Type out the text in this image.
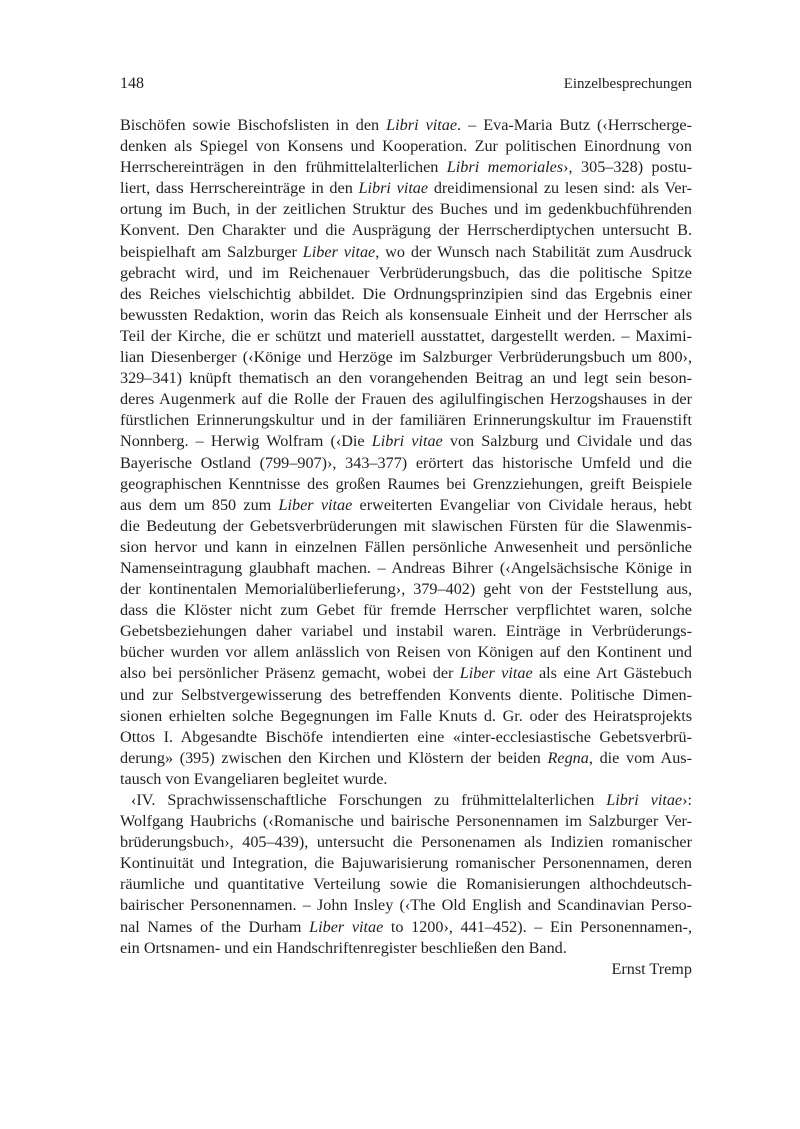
148	Einzelbesprechungen
Bischöfen sowie Bischofslisten in den Libri vitae. – Eva-Maria Butz (‹Herrscherge-
denken als Spiegel von Konsens und Kooperation. Zur politischen Einordnung von
Herrschereinträgen in den frühmittelalterlichen Libri memoriales›, 305–328) postu-
liert, dass Herrschereinträge in den Libri vitae dreidimensional zu lesen sind: als Ver-
ortung im Buch, in der zeitlichen Struktur des Buches und im gedenkbuchführenden
Konvent. Den Charakter und die Ausprägung der Herrscherdiptychen untersucht B.
beispielhaft am Salzburger Liber vitae, wo der Wunsch nach Stabilität zum Ausdruck
gebracht wird, und im Reichenauer Verbrüderungsbuch, das die politische Spitze
des Reiches vielschichtig abbildet. Die Ordnungsprinzipien sind das Ergebnis einer
bewussten Redaktion, worin das Reich als konsensuale Einheit und der Herrscher als
Teil der Kirche, die er schützt und materiell ausstattet, dargestellt werden. – Maximi-
lian Diesenberger (‹Könige und Herzöge im Salzburger Verbrüderungsbuch um 800›,
329–341) knüpft thematisch an den vorangehenden Beitrag an und legt sein beson-
deres Augenmerk auf die Rolle der Frauen des agilulfingischen Herzogshauses in der
fürstlichen Erinnerungskultur und in der familiären Erinnerungskultur im Frauenstift
Nonnberg. – Herwig Wolfram (‹Die Libri vitae von Salzburg und Cividale und das
Bayerische Ostland (799–907)›, 343–377) erörtert das historische Umfeld und die
geographischen Kenntnisse des großen Raumes bei Grenzziehungen, greift Beispiele
aus dem um 850 zum Liber vitae erweiterten Evangeliar von Cividale heraus, hebt
die Bedeutung der Gebetsverbrüderungen mit slawischen Fürsten für die Slawenmis-
sion hervor und kann in einzelnen Fällen persönliche Anwesenheit und persönliche
Namenseintragung glaubhaft machen. – Andreas Bihrer (‹Angelsächsische Könige in
der kontinentalen Memorialüberlieferung›, 379–402) geht von der Feststellung aus,
dass die Klöster nicht zum Gebet für fremde Herrscher verpflichtet waren, solche
Gebetsbeziehungen daher variabel und instabil waren. Einträge in Verbrüderungs-
bücher wurden vor allem anlässlich von Reisen von Königen auf den Kontinent und
also bei persönlicher Präsenz gemacht, wobei der Liber vitae als eine Art Gästebuch
und zur Selbstvergewisserung des betreffenden Konvents diente. Politische Dimen-
sionen erhielten solche Begegnungen im Falle Knuts d. Gr. oder des Heiratsprojekts
Ottos I. Abgesandte Bischöfe intendierten eine «inter-ecclesiastische Gebetsverbrü-
derung» (395) zwischen den Kirchen und Klöstern der beiden Regna, die vom Aus-
tausch von Evangeliaren begleitet wurde.
‹IV. Sprachwissenschaftliche Forschungen zu frühmittelalterlichen Libri vitae›:
Wolfgang Haubrichs (‹Romanische und bairische Personennamen im Salzburger Ver-
brüderungsbuch›, 405–439), untersucht die Personenamen als Indizien romanischer
Kontinuität und Integration, die Bajuwarisierung romanischer Personennamen, deren
räumliche und quantitative Verteilung sowie die Romanisierungen althochdeutsch-
bairischer Personennamen. – John Insley (‹The Old English and Scandinavian Perso-
nal Names of the Durham Liber vitae to 1200›, 441–452). – Ein Personennamen-,
ein Ortsnamen- und ein Handschriftenregister beschließen den Band.
Ernst Tremp
